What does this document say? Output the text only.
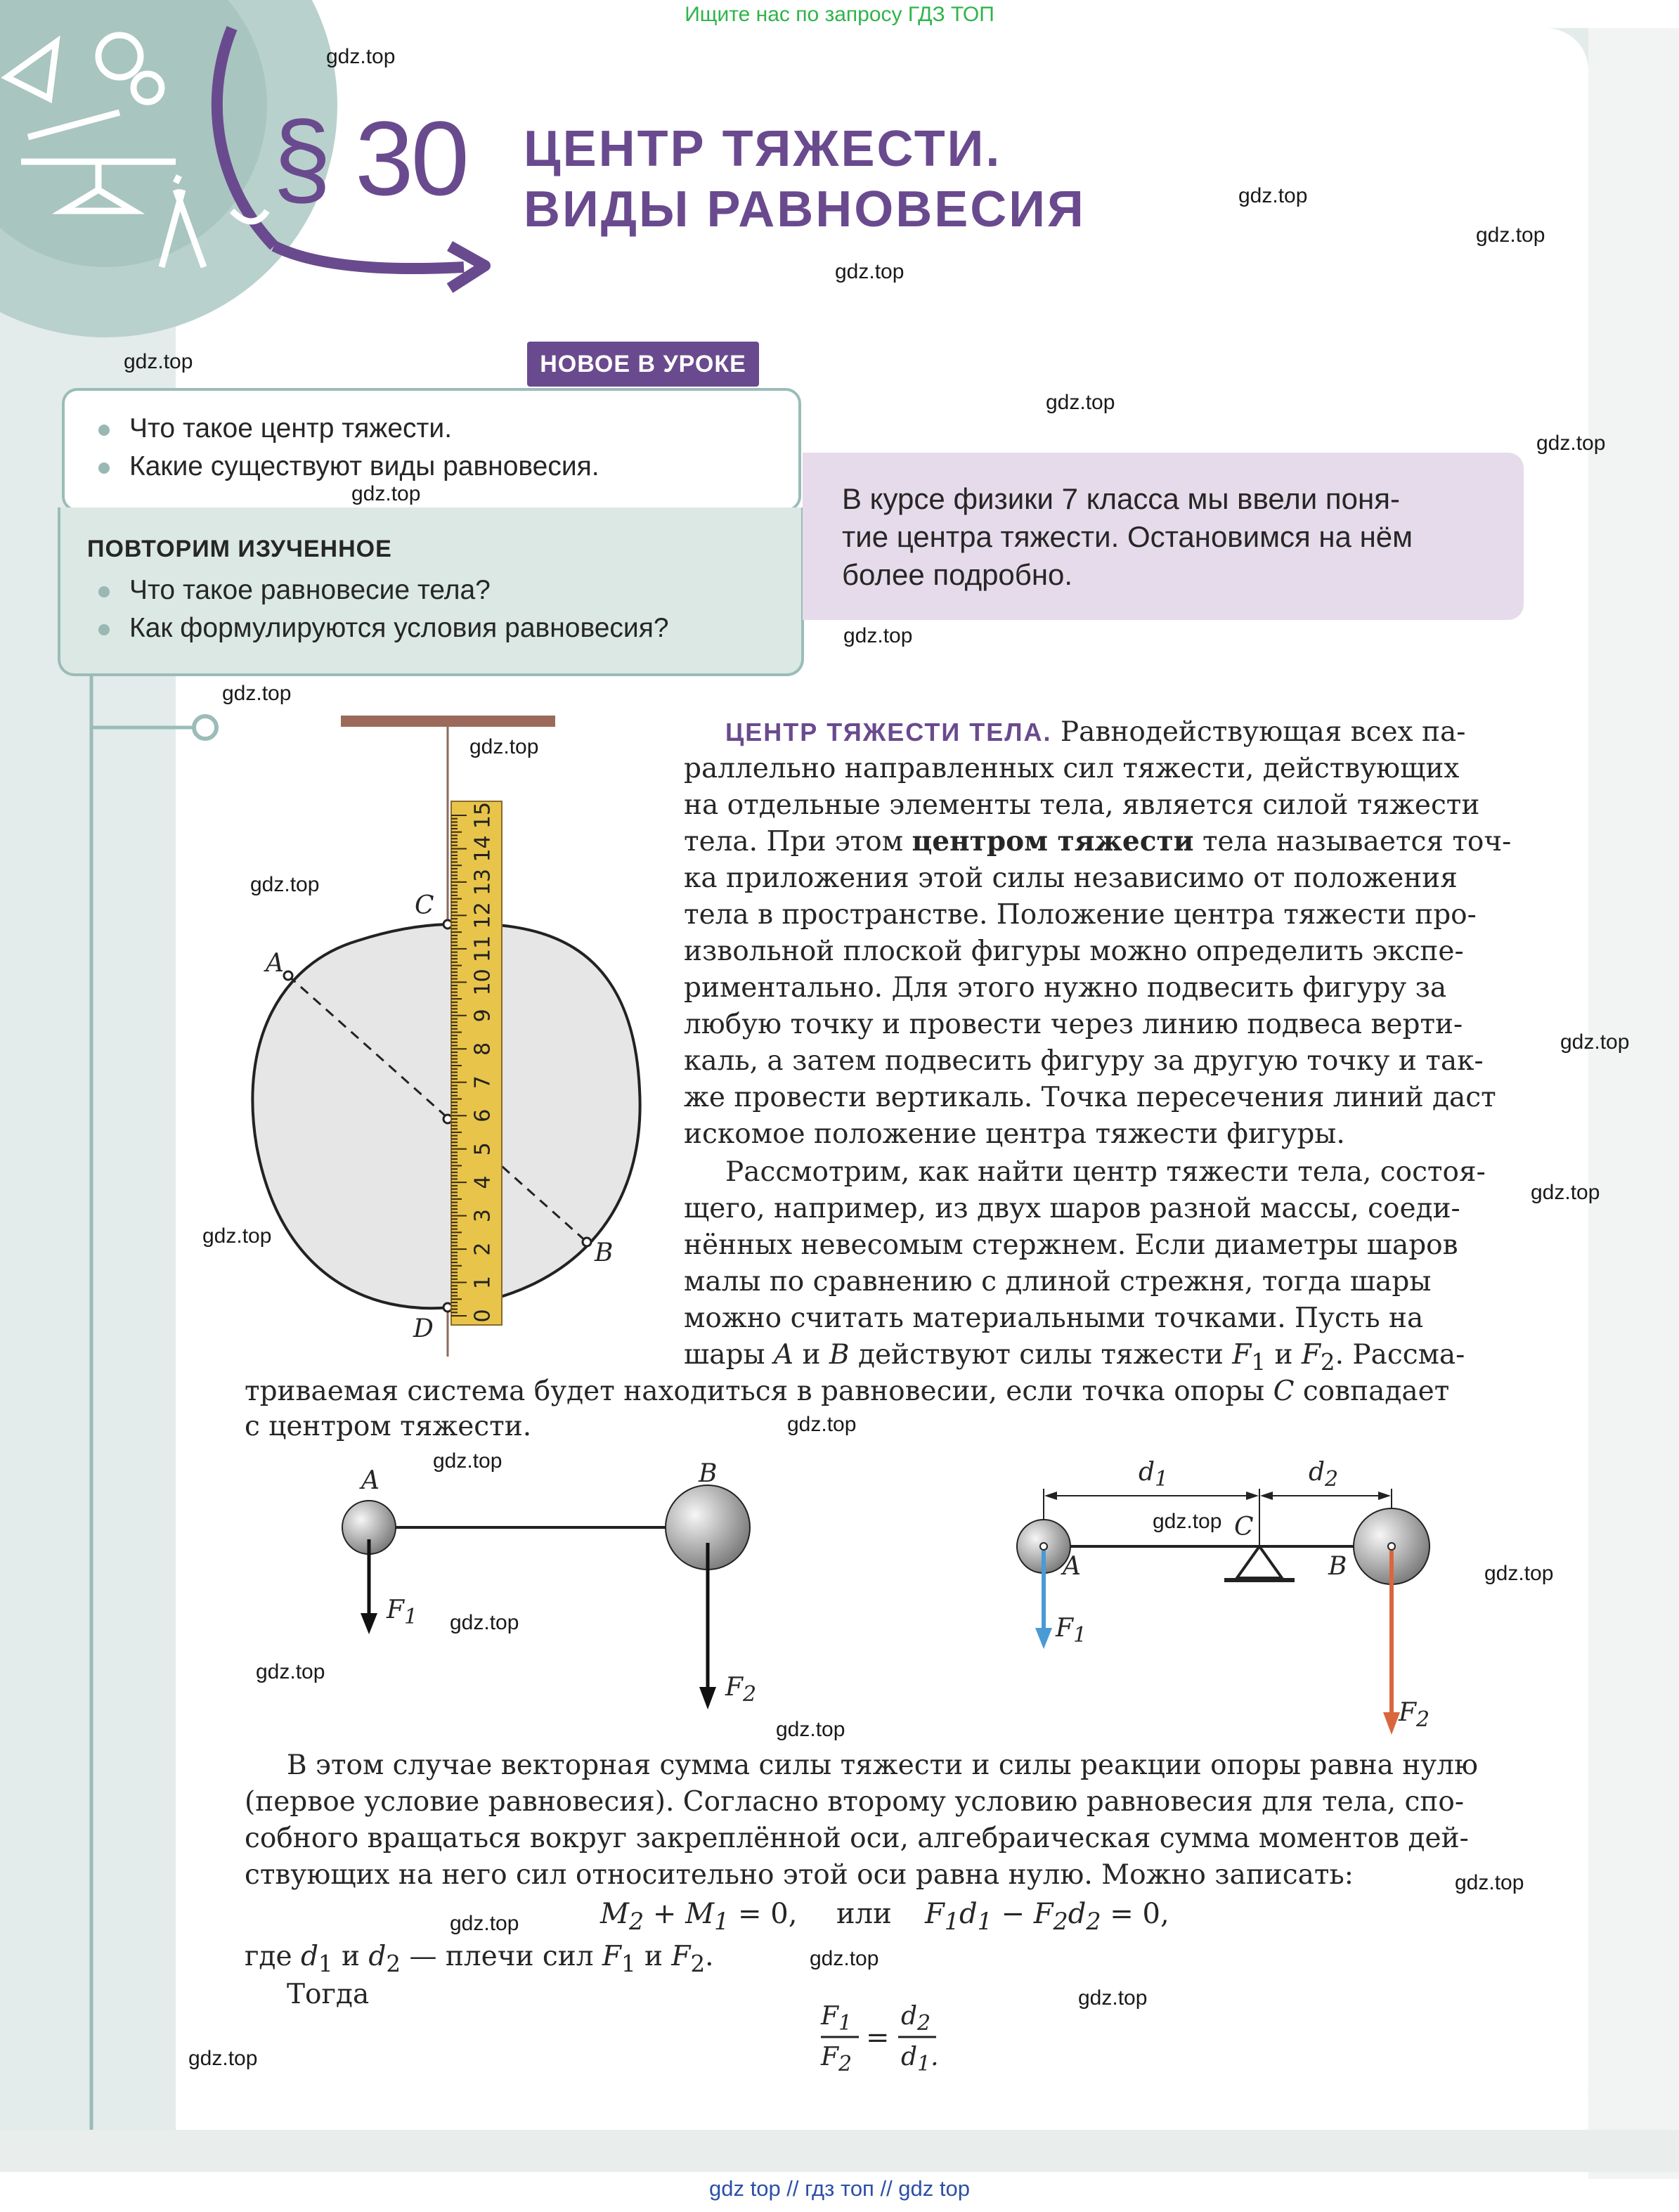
Ищите нас по запросу ГДЗ ТОП
§ 30 ЦЕНТР ТЯЖЕСТИ.
ВИДЫ РАВНОВЕСИЯ
НОВОЕ В УРОКЕ
Что такое центр тяжести.
Какие существуют виды равновесия.
ПОВТОРИМ ИЗУЧЕННОЕ
Что такое равновесие тела?
Как формулируются условия равновесия?
В курсе физики 7 класса мы ввели поня-
тие центра тяжести. Остановимся на нём
более подробно.
0
1
2
3
4
5
6
7
8
9
10
11
12
13
14
15
C
A
B
D
ЦЕНТР ТЯЖЕСТИ ТЕЛА. Равнодействующая всех па-
раллельно направленных сил тяжести, действующих
на отдельные элементы тела, является силой тяжести
тела. При этом центром тяжести тела называется точ-
ка приложения этой силы независимо от положения
тела в пространстве. Положение центра тяжести про-
извольной плоской фигуры можно определить экспе-
риментально. Для этого нужно подвесить фигуру за
любую точку и провести через линию подвеса верти-
каль, а затем подвесить фигуру за другую точку и так-
же провести вертикаль. Точка пересечения линий даст
искомое положение центра тяжести фигуры.
Рассмотрим, как найти центр тяжести тела, состоя-
щего, например, из двух шаров разной массы, соеди-
нённых невесомым стержнем. Если диаметры шаров
малы по сравнению с длиной стрежня, тогда шары
можно считать материальными точками. Пусть на
шары A и B действуют силы тяжести $F_1$ и $F_2$. Рассма-
триваемая система будет находиться в равновесии, если точка опоры C совпадает
с центром тяжести.
A	B
$F_1$
$F_2$
$d_1$	$d_2$
C
A	B
$F_1$
$F_2$
В этом случае векторная сумма силы тяжести и силы реакции опоры равна нулю
(первое условие равновесия). Согласно второму условию равновесия для тела, спо-
собного вращаться вокруг закреплённой оси, алгебраическая сумма моментов дей-
ствующих на него сил относительно этой оси равна нулю. Можно записать:
$M_2 + M_1 = 0$, или $F_1d_1 - F_2d_2 = 0$,
где $d_1$ и $d_2$ — плечи сил $F_1$ и $F_2$.
Тогда
$F_1$
$F_2$
=
$d_2$
$d_1$.
gdz.top
gdz.top
gdz.top
gdz.top
gdz.top
gdz.top
gdz.top
gdz.top
gdz.top
gdz.top
gdz.top
gdz.top
gdz.top
gdz.top
gdz.top
gdz.top
gdz.top
gdz.top
gdz.top
gdz.top
gdz.top
gdz.top
gdz.top
gdz.top
gdz.top
gdz.top
gdz.top
gdz top // гдз топ // gdz top
